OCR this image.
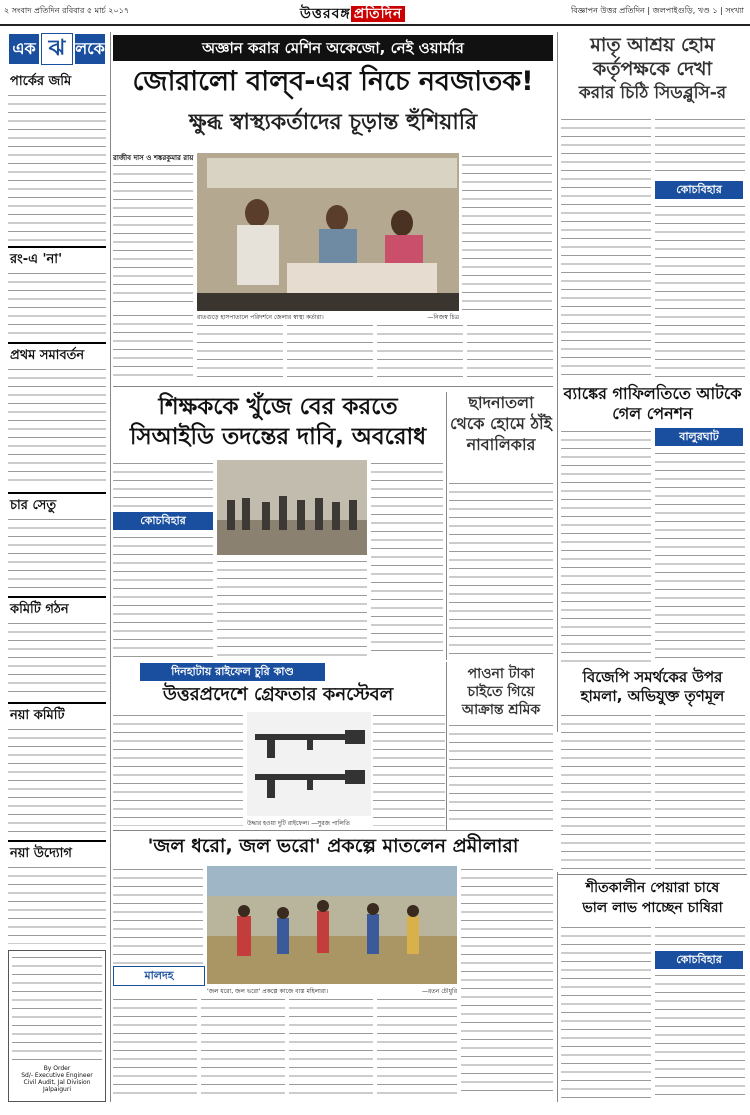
২ সংবাদ প্রতিদিন রবিবার ৫ মার্চ ২০১৭	উত্তরবঙ্গ প্রতিদিন	বিজ্ঞাপন উত্তর প্রতিদিন | জলপাইগুড়ি, খণ্ড ১ | সংখ্যা
এক ঝ লকে
পার্কের জমি
রং-এ 'না'
প্রথম সমাবর্তন
চার সেতু
কমিটি গঠন
নয়া কমিটি
নয়া উদ্যোগ
By Order
Sd/- Executive Engineer
Civil Audit, Jal Division
Jalpaiguri
অজ্ঞান করার মেশিন অকেজো, নেই ওয়ার্মার
জোরালো বাল্‌ব-এর নিচে নবজাতক!
ক্ষুব্ধ স্বাস্থ্যকর্তাদের চূড়ান্ত হুঁশিয়ারি
রাজীব দাস ও শঙ্করকুমার রায়
রাতগুড়ে হাসপাতালে পরিদর্শনে জেলার স্বাস্থ্য কর্তারা।	—নিজস্ব চিত্র
মাতৃ আশ্রয় হোম
কর্তৃপক্ষকে দেখা
করার চিঠি সিডব্লুসি-র
কোচবিহার
শিক্ষককে খুঁজে বের করতে
সিআইডি তদন্তের দাবি, অবরোধ
কোচবিহার
ছাদনাতলা থেকে হোমে ঠাঁই নাবালিকার
ব্যাঙ্কের গাফিলতিতে আটকে গেল পেনশন
বালুরঘাট
দিনহাটায় রাইফেল চুরি কাণ্ড
উত্তরপ্রদেশে গ্রেফতার কনস্টেবল
উদ্ধার হওয়া দুটি রাইফেল। —সুরজ পালিতি
পাওনা টাকা চাইতে গিয়ে আক্রান্ত শ্রমিক
বিজেপি সমর্থকের উপর হামলা, অভিযুক্ত তৃণমূল
'জল ধরো, জল ভরো' প্রকল্পে মাতলেন প্রমীলারা
মালদহ
'জল ধরো, জল ভরো' প্রকল্পে কাজে ব্যস্ত মহিলারা।	—রতন চৌধুরি
শীতকালীন পেয়ারা চাষে
ভাল লাভ পাচ্ছেন চাষিরা
কোচবিহার
